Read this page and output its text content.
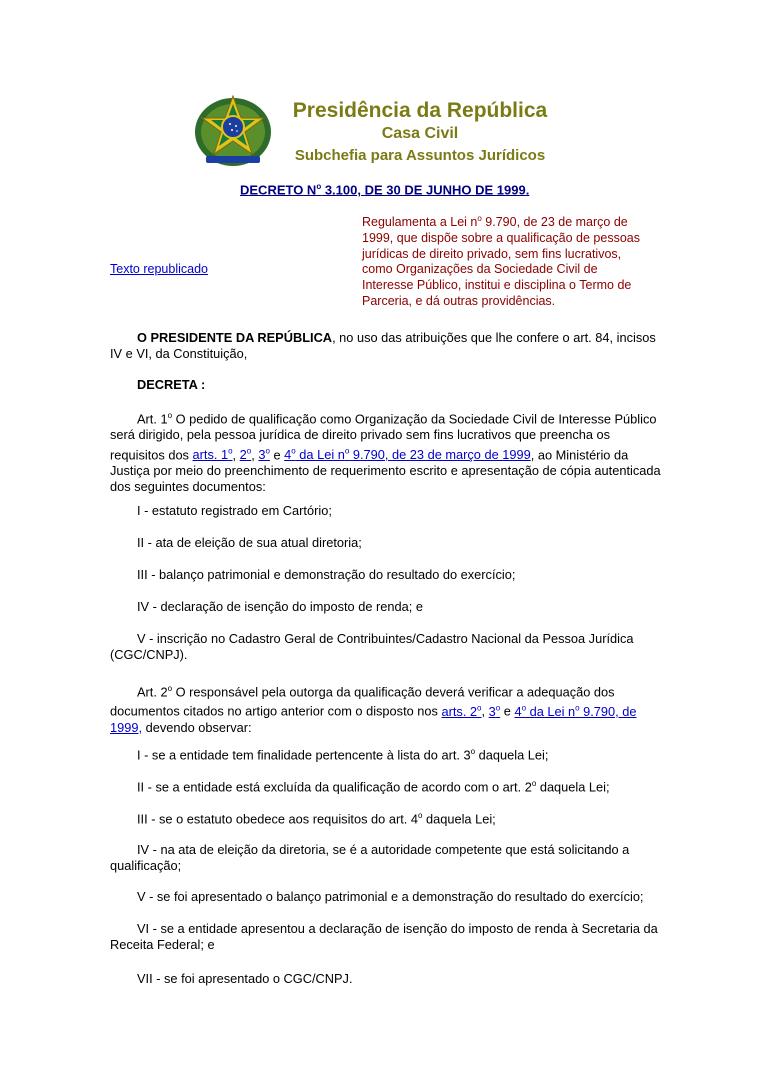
Presidência da República
Casa Civil
Subchefia para Assuntos Jurídicos
DECRETO $N^o$ 3.100, DE 30 DE JUNHO DE 1999.
Texto republicado
Regulamenta a Lei $n^o$ 9.790, de 23 de março de
1999, que dispõe sobre a qualificação de pessoas
jurídicas de direito privado, sem fins lucrativos,
como Organizações da Sociedade Civil de
Interesse Público, institui e disciplina o Termo de
Parceria, e dá outras providências.

O PRESIDENTE DA REPÚBLICA, no uso das atribuições que lhe confere o art. 84, incisos IV e VI, da Constituição,

DECRETA :

Art. 1$^o$ O pedido de qualificação como Organização da Sociedade Civil de Interesse Público será dirigido, pela pessoa jurídica de direito privado sem fins lucrativos que preencha os requisitos dos arts. 1$^o$, 2$^o$, 3$^o$ e 4$^o$ da Lei $n^o$ 9.790, de 23 de março de 1999, ao Ministério da Justiça por meio do preenchimento de requerimento escrito e apresentação de cópia autenticada dos seguintes documentos:

I - estatuto registrado em Cartório;

II - ata de eleição de sua atual diretoria;

III - balanço patrimonial e demonstração do resultado do exercício;

IV - declaração de isenção do imposto de renda; e

V - inscrição no Cadastro Geral de Contribuintes/Cadastro Nacional da Pessoa Jurídica (CGC/CNPJ).

Art. 2$^o$ O responsável pela outorga da qualificação deverá verificar a adequação dos documentos citados no artigo anterior com o disposto nos arts. 2$^o$, 3$^o$ e 4$^o$ da Lei $n^o$ 9.790, de 1999, devendo observar:

I - se a entidade tem finalidade pertencente à lista do art. 3$^o$ daquela Lei;

II - se a entidade está excluída da qualificação de acordo com o art. 2$^o$ daquela Lei;

III - se o estatuto obedece aos requisitos do art. 4$^o$ daquela Lei;

IV - na ata de eleição da diretoria, se é a autoridade competente que está solicitando a qualificação;

V - se foi apresentado o balanço patrimonial e a demonstração do resultado do exercício;

VI - se a entidade apresentou a declaração de isenção do imposto de renda à Secretaria da Receita Federal; e

VII - se foi apresentado o CGC/CNPJ.
